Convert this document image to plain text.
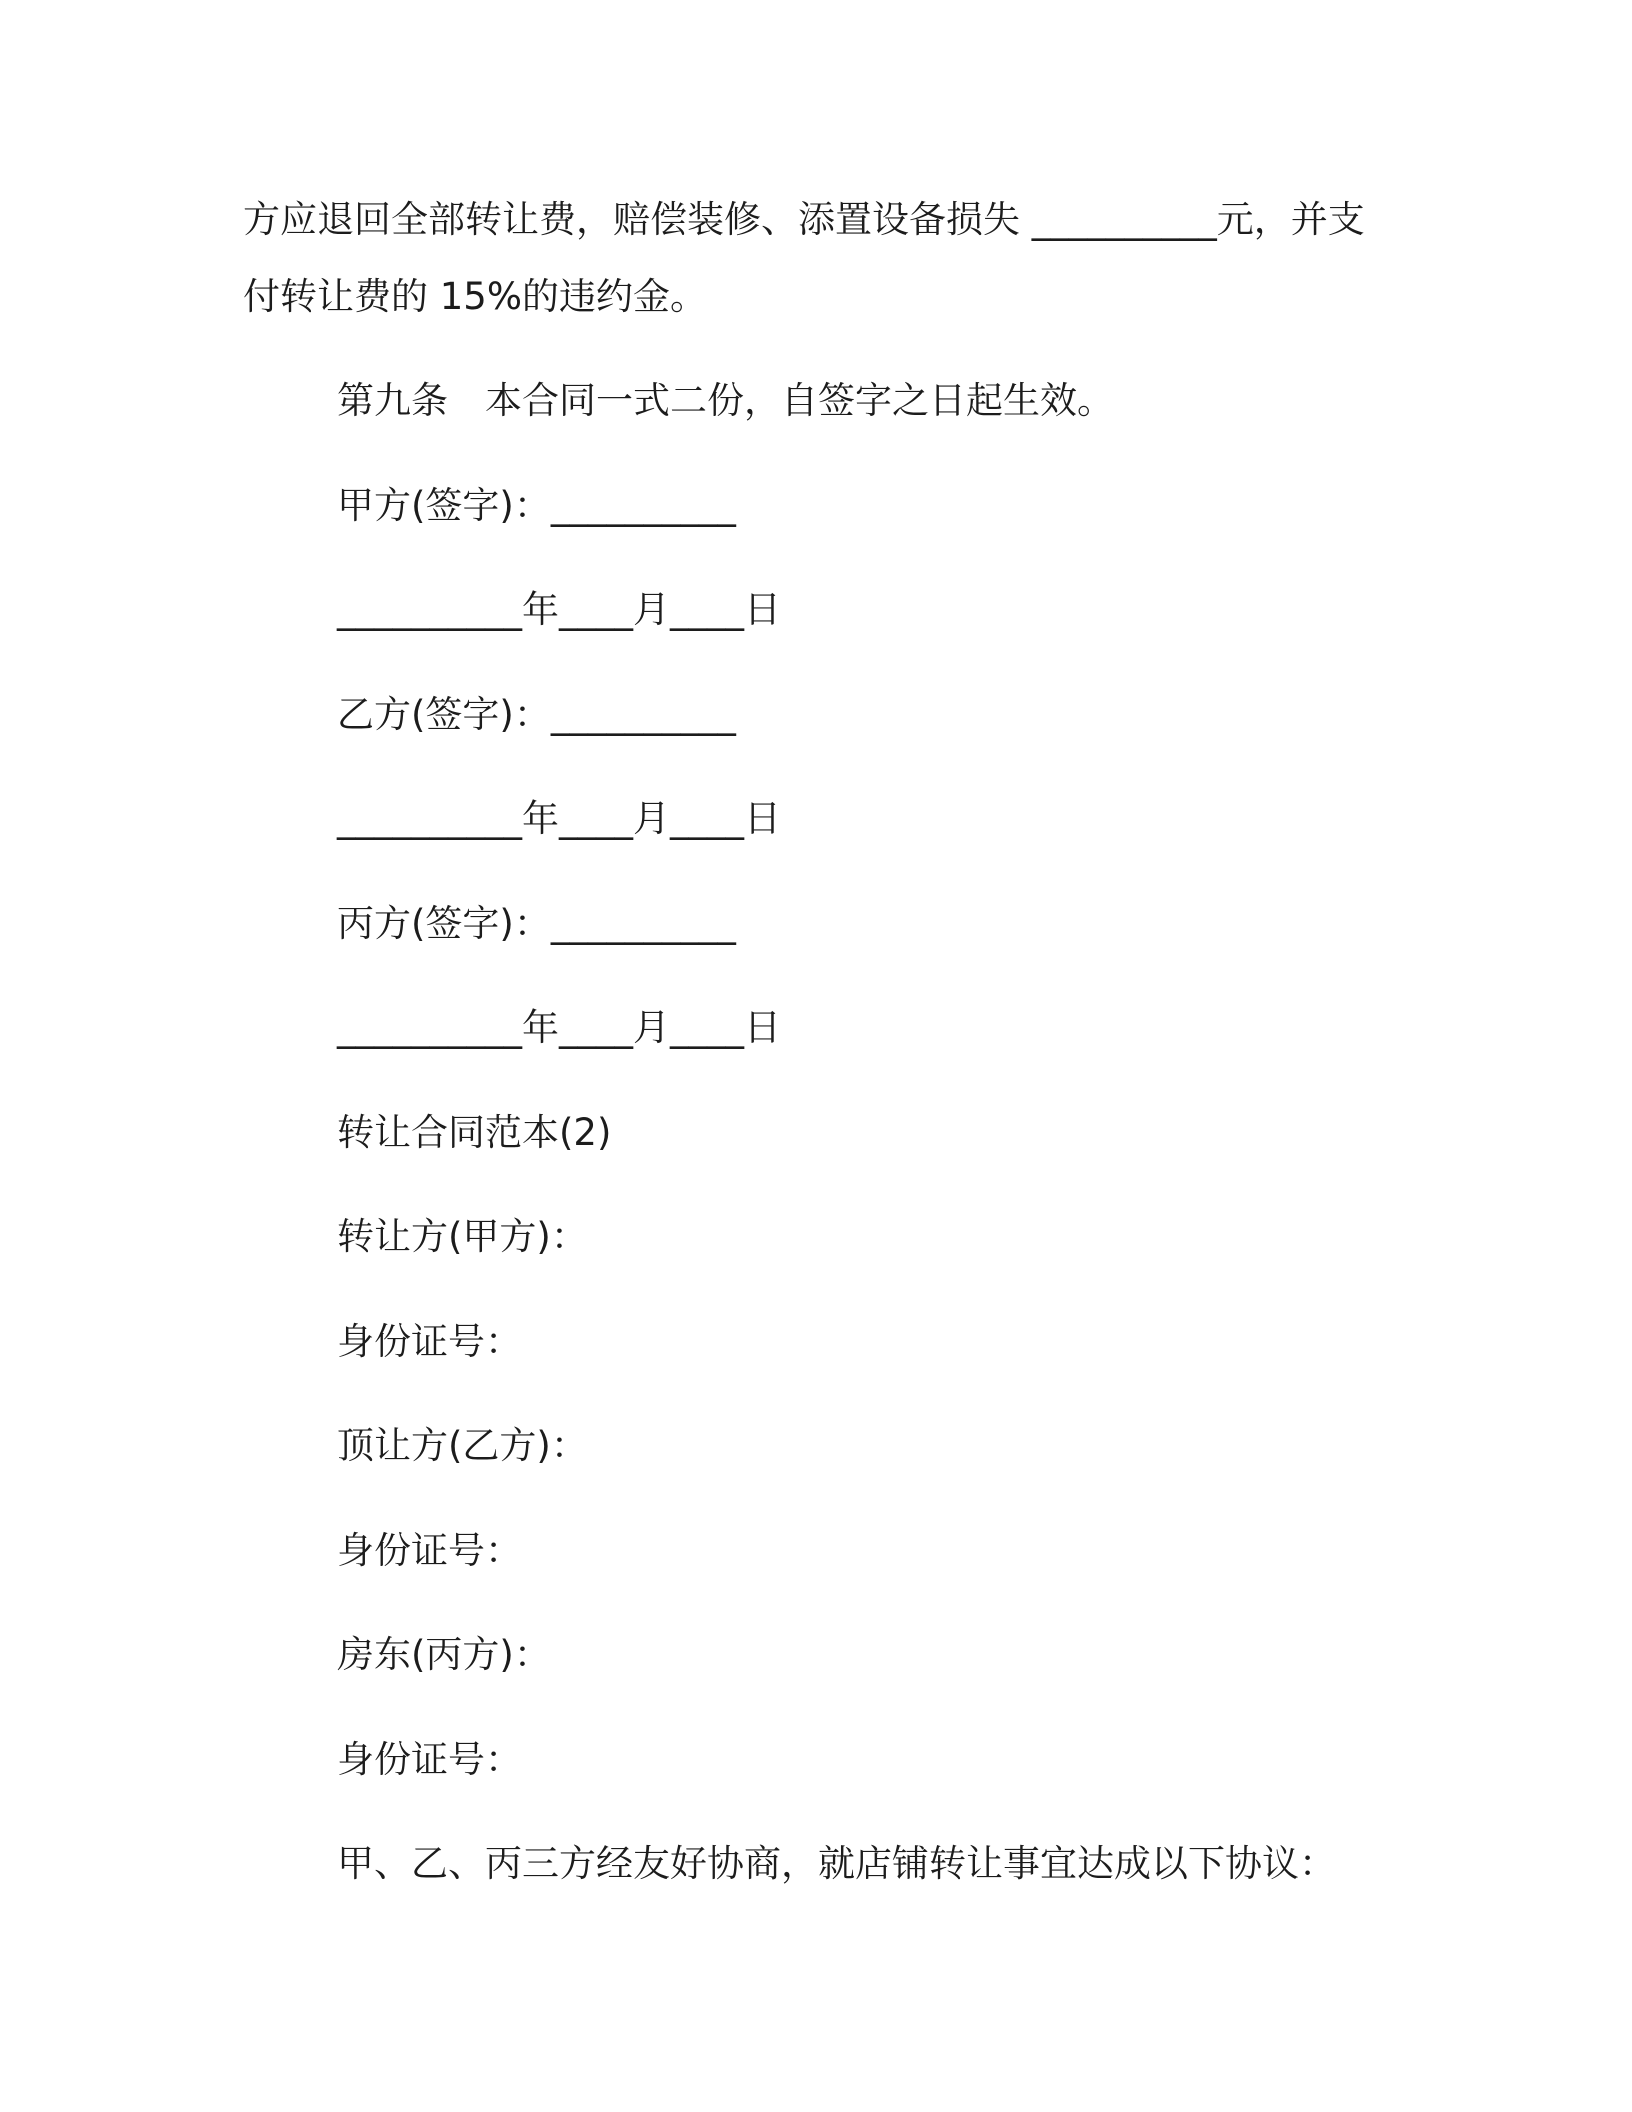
方应退回全部转让费，赔偿装修、添置设备损失 __________元，并支
付转让费的 15%的违约金。
第九条　本合同一式二份，自签字之日起生效。
甲方(签字)：__________
__________年____月____日
乙方(签字)：__________
__________年____月____日
丙方(签字)：__________
__________年____月____日
转让合同范本(2)
转让方(甲方)：
身份证号：
顶让方(乙方)：
身份证号：
房东(丙方)：
身份证号：
甲、乙、丙三方经友好协商，就店铺转让事宜达成以下协议：
